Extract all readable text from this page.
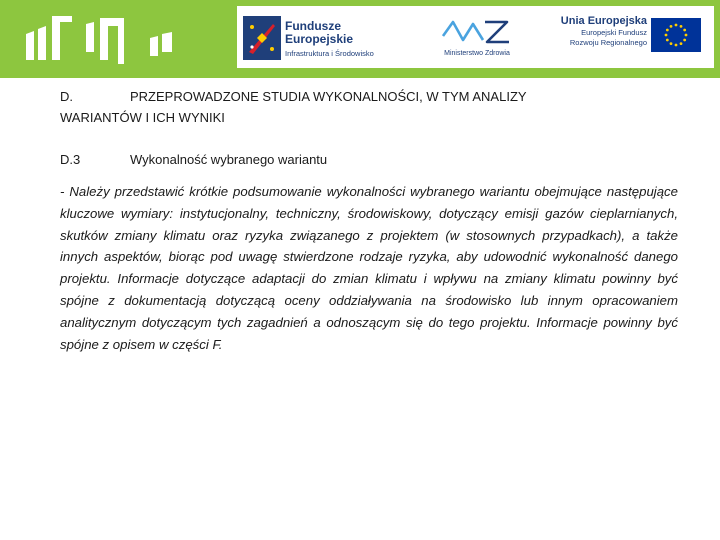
Fundusze
Europejskie
Infrastruktura i Środowisko	Ministerstwo Zdrowia
Unia Europejska
Europejski Fundusz
Rozwoju Regionalnego
D.	PRZEPROWADZONE STUDIA WYKONALNOŚCI, W TYM ANALIZY
WARIANTÓW I ICH WYNIKI
D.3	Wykonalność wybranego wariantu
- Należy przedstawić krótkie podsumowanie wykonalności wybranego wariantu obejmujące następujące kluczowe wymiary: instytucjonalny, techniczny, środowiskowy, dotyczący emisji gazów cieplarnianych, skutków zmiany klimatu oraz ryzyka związanego z projektem (w stosownych przypadkach), a także innych aspektów, biorąc pod uwagę stwierdzone rodzaje ryzyka, aby udowodnić wykonalność danego projektu. Informacje dotyczące adaptacji do zmian klimatu i wpływu na zmiany klimatu powinny być spójne z dokumentacją dotyczącą oceny oddziaływania na środowisko lub innym opracowaniem analitycznym dotyczącym tych zagadnień a odnoszącym się do tego projektu. Informacje powinny być spójne z opisem w części F.
